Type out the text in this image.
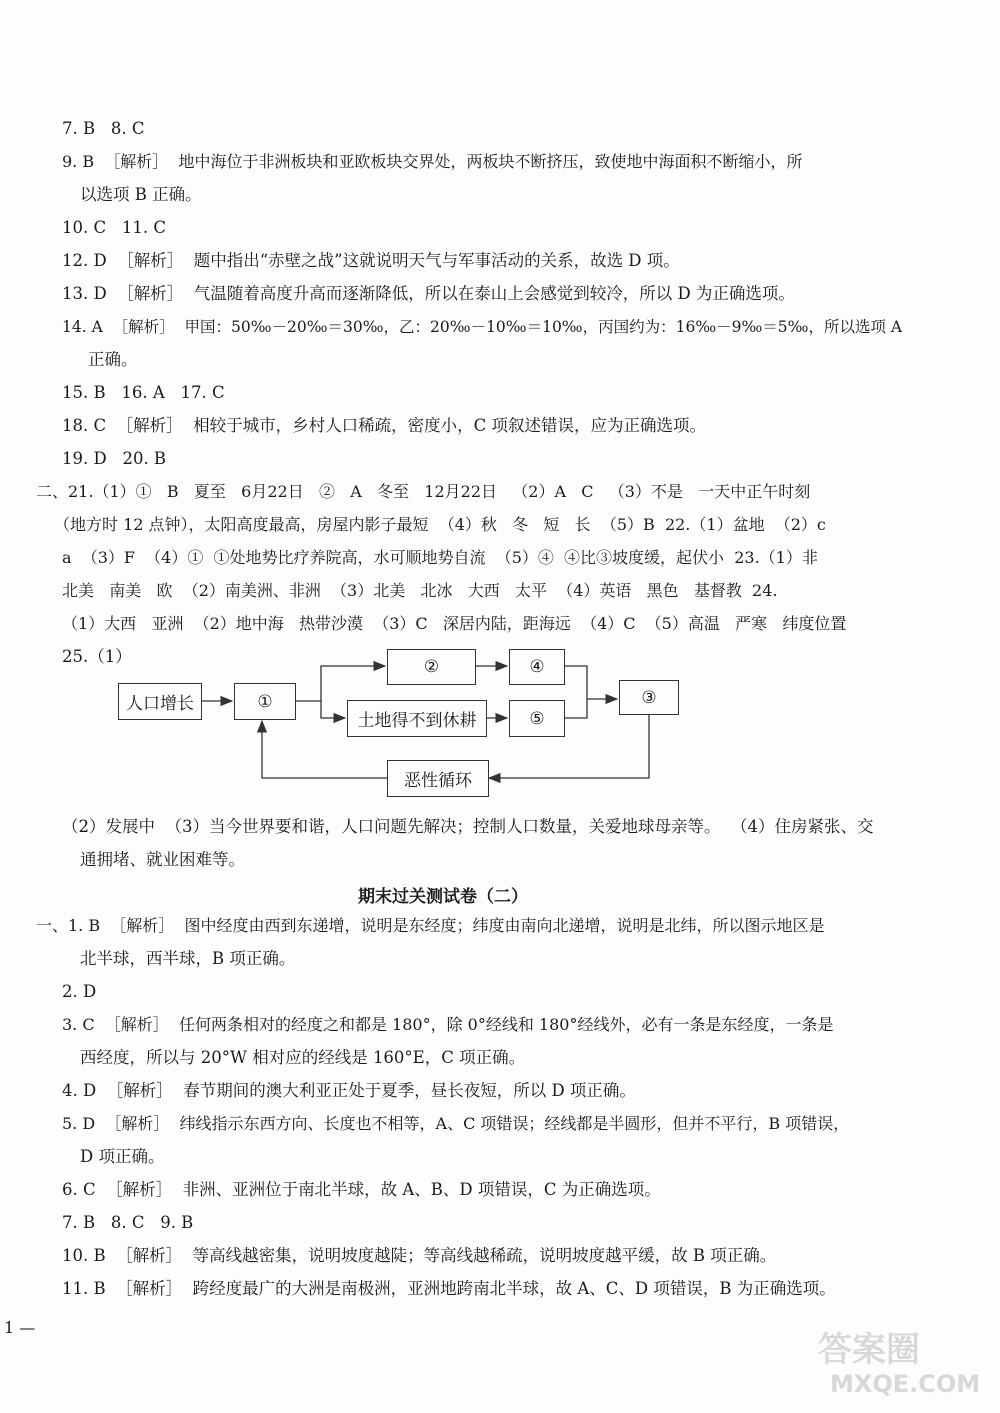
7. B   8. C
9. B  ［解析］  地中海位于非洲板块和亚欧板块交界处，两板块不断挤压，致使地中海面积不断缩小，所
以选项 B 正确。
10. C   11. C
12. D  ［解析］  题中指出“赤壁之战”这就说明天气与军事活动的关系，故选 D 项。
13. D  ［解析］  气温随着高度升高而逐渐降低，所以在泰山上会感觉到较冷，所以 D 为正确选项。
14. A  ［解析］  甲国：50‰－20‰＝30‰，乙：20‰－10‰＝10‰，丙国约为：16‰－9‰＝5‰，所以选项 A
正确。
15. B   16. A   17. C
18. C  ［解析］  相较于城市，乡村人口稀疏，密度小，C 项叙述错误，应为正确选项。
19. D   20. B
二、21.（1）①   B   夏至   6月22日   ②   A   冬至   12月22日   （2）A   C   （3）不是   一天中正午时刻
（地方时 12 点钟），太阳高度最高，房屋内影子最短  （4）秋   冬   短   长  （5）B  22.（1）盆地  （2）c
a  （3）F  （4）①  ①处地势比疗养院高，水可顺地势自流  （5）④  ④比③坡度缓，起伏小  23.（1）非
北美   南美   欧  （2）南美洲、非洲  （3）北美   北冰   大西   太平  （4）英语   黑色   基督教  24.
（1）大西   亚洲  （2）地中海   热带沙漠  （3）C   深居内陆，距海远  （4）C  （5）高温   严寒   纬度位置
25.（1）
人口增长	①
②	④
土地得不到休耕	⑤
③
恶性循环
（2）发展中  （3）当今世界要和谐，人口问题先解决；控制人口数量，关爱地球母亲等。  （4）住房紧张、交
通拥堵、就业困难等。
期末过关测试卷（二）
一、1. B  ［解析］  图中经度由西到东递增，说明是东经度；纬度由南向北递增，说明是北纬，所以图示地区是
北半球，西半球，B 项正确。
2. D
3. C  ［解析］  任何两条相对的经度之和都是 180°，除 0°经线和 180°经线外，必有一条是东经度，一条是
西经度，所以与 20°W 相对应的经线是 160°E，C 项正确。
4. D  ［解析］  春节期间的澳大利亚正处于夏季，昼长夜短，所以 D 项正确。
5. D  ［解析］  纬线指示东西方向、长度也不相等，A、C 项错误；经线都是半圆形，但并不平行，B 项错误，
D 项正确。
6. C  ［解析］  非洲、亚洲位于南北半球，故 A、B、D 项错误，C 为正确选项。
7. B   8. C   9. B
10. B  ［解析］  等高线越密集，说明坡度越陡；等高线越稀疏，说明坡度越平缓，故 B 项正确。
11. B  ［解析］  跨经度最广的大洲是南极洲，亚洲地跨南北半球，故 A、C、D 项错误，B 为正确选项。
1 —
答案圈
MXQE.COM
